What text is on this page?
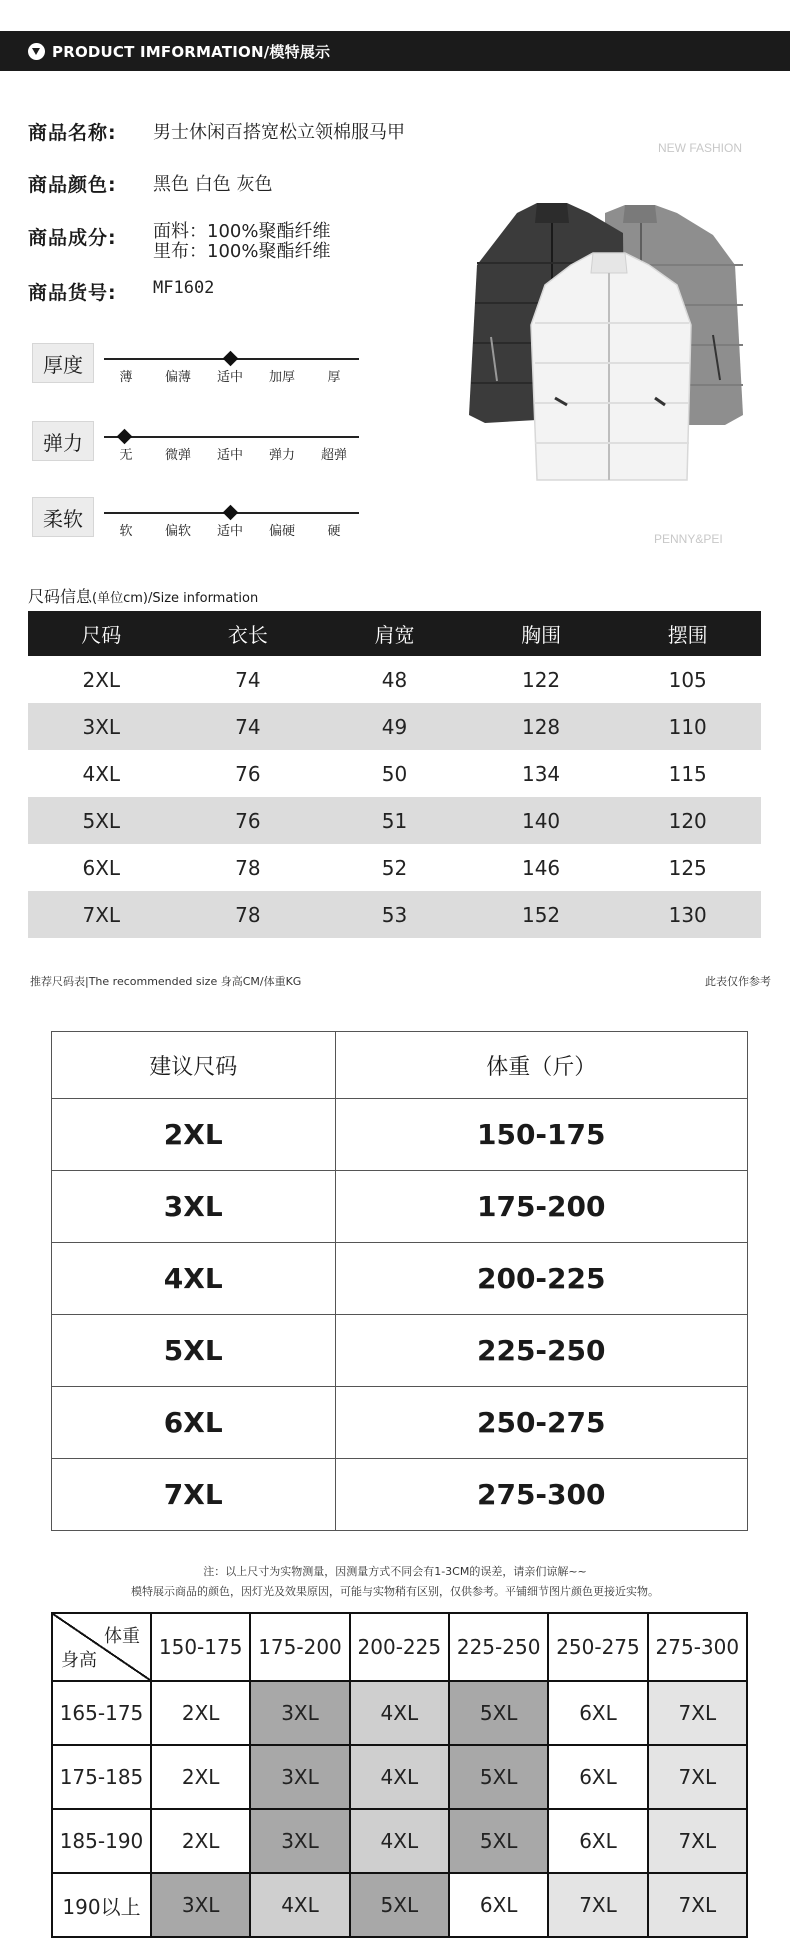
PRODUCT IMFORMATION/模特展示
商品名称:	男士休闲百搭宽松立领棉服马甲
商品颜色:	黑色 白色 灰色
商品成分:	面料：100%聚酯纤维
里布：100%聚酯纤维
商品货号:	MF1602
NEW FASHION
PENNY&PEI
厚度
薄	偏薄	适中	加厚	厚
弹力
无	微弹	适中	弹力	超弹
柔软
软	偏软	适中	偏硬	硬
尺码信息(单位cm)/Size information
尺码	衣长	肩宽	胸围	摆围
2XL	74	48	122	105
3XL	74	49	128	110
4XL	76	50	134	115
5XL	76	51	140	120
6XL	78	52	146	125
7XL	78	53	152	130
推荐尺码表|The recommended size 身高CM/体重KG	此表仅作参考
建议尺码	体重（斤）
2XL	150-175
3XL	175-200
4XL	200-225
5XL	225-250
6XL	250-275
7XL	275-300
注：以上尺寸为实物测量，因测量方式不同会有1-3CM的误差，请亲们谅解~~
模特展示商品的颜色，因灯光及效果原因，可能与实物稍有区别，仅供参考。平铺细节图片颜色更接近实物。
体重
身高	150-175	175-200	200-225	225-250	250-275	275-300
165-175	2XL	3XL	4XL	5XL	6XL	7XL
175-185	2XL	3XL	4XL	5XL	6XL	7XL
185-190	2XL	3XL	4XL	5XL	6XL	7XL
190以上	3XL	4XL	5XL	6XL	7XL	7XL
